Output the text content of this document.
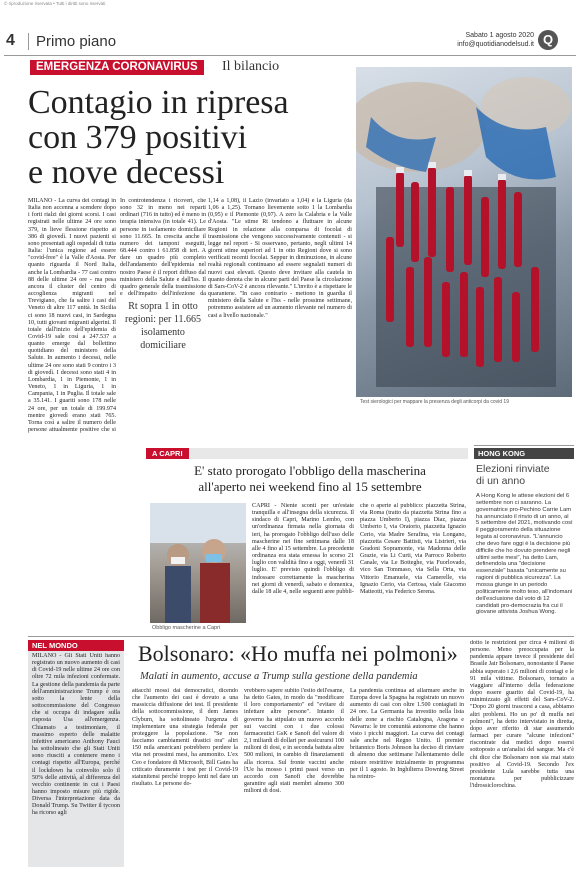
© riproduzione riservata • Tutti i diritti sono riservati
4 Primo piano	Sabato 1 agosto 2020
info@quotidianodelsud.it Q
EMERGENZA CORONAVIRUS	Il bilancio
Contagio in ripresa
con 379 positivi
e nove decessi
Test sierologici per mappare la presenza degli anticorpi da covid 19
MILANO - La curva dei contagi in Italia non accenna a scendere dopo i forti rialzi dei giorni scorsi. I casi registrati nelle ultime 24 ore sono 379, in lieve flessione rispetto ai 386 di giovedì. I nuovi pazienti si sono presentati agli ospedali di tutta Italia: l'unica regione ad essere "covid-free" è la Valle d'Aosta. Per quanto riguarda il Nord Italia, anche la Lombardia - 77 casi contro 88 delle ultime 24 ore - ma pesa ancora il cluster del centro di accoglienza migranti nel Trevigiano, che fa salire i casi del Veneto di altre 117 unità. In Sicilia ci sono 18 nuovi casi, in Sardegna 10, tutti giovani migranti algerini. Il totale dall'inizio dell'epidemia di Covid-19 sale così a 247.537 a quanto emerge dal bollettino quotidiano del ministero della Salute. In aumento i decessi, nelle ultime 24 ore sono stati 9 contro i 3 di giovedì. I decessi sono stati 4 in Lombardia, 1 in Piemonte, 1 in Veneto, 1 in Liguria, 1 in Campania, 1 in Puglia. Il totale sale a 35.141. I guariti sono 178 nelle 24 ore, per un totale di 199.974 mentre giovedì erano stati 765. Torna così a salire il numero delle persone attualmente positive che si
Rt sopra 1 in otto regioni: per 11.665 isolamento domiciliare
1,14 a 1,08), il Lazio (invariato a 1,04) e la Liguria (da 1,06 a 1,25). Tornano lievemente sotto 1 la Lombardia (0,95) e il Piemonte (0,97). A zero la Calabria e la Valle d'Aosta. "Le stime Rt tendono a fluttuare in alcune Regioni in relazione alla comparsa di focolai di trasmissione che vengono successivamente contenuti - si legge nel report - Si osservano, pertanto, negli ultimi 14 giorni stime superiori ad 1 in otto Regioni dove si sono verificati recenti focolai. Seppur in diminuzione, in alcune realtà regionali continuano ad essere segnalati numeri di nuovi casi elevati. Questo deve invitare alla cautela in quanto denota che in alcune parti del Paese la circolazione di Sars-CoV-2 è ancora rilevante." L'invito è a rispettare le quarantene. "In caso contrario - mettono in guardia il ministero della Salute e l'Iss - nelle prossime settimane, potremmo assistere ad un aumento rilevante nel numero di casi a livello nazionale."
In controtendenza i ricoveri, che sono 32 in meno nei reparti ordinari (716 in tutto) ed è meno in terapia intensiva (in totale 41). Le persone in isolamento domiciliare sono 11.665. In crescita anche il numero dei tamponi eseguiti, 68.444 contro i 61.858 di ieri. A dare un quadro più completo dell'andamento dell'epidemia nel nostro Paese è il report diffuso dal ministero della Salute e dall'Iss. Il quadro generale della trasmissione e dell'impatto dell'infezione da
HONG KONG
Elezioni rinviate
di un anno
A Hong Kong le attese elezioni del 6 settembre non ci saranno. La governatrice pro-Pechino Carrie Lam ha annunciato il rinvio di un anno, al 5 settembre del 2021, motivando così il peggioramento della situazione legata al coronavirus. "L'annuncio che devo fare oggi è la decisione più difficile che ho dovuto prendere negli ultimi sette mesi", ha detto Lam, definendola una "decisione essenziale" basata "unicamente su ragioni di pubblica sicurezza". La mossa giunge in un periodo politicamente molto teso, all'indomani dell'esclusione dal voto di 12 candidati pro-democrazia fra cui il giovane attivista Joshua Wong.
A CAPRI
E' stato prorogato l'obbligo della mascherina
all'aperto nei weekend fino al 15 settembre
Obbligo mascherine a Capri
CAPRI - Niente sconti per un'estate tranquilla e all'insegna della sicurezza. Il sindaco di Capri, Marino Lembo, con un'ordinanza firmata nella giornata di ieri, ha prorogato l'obbligo dell'uso delle mascherine nei fine settimana dalle 18 alle 4 fino al 15 settembre. La precedente ordinanza era stata emessa lo scorso 21 luglio con validità fino a oggi, venerdì 31 luglio. E' previsto quindi l'obbligo di indossare correttamente la mascherina nei giorni di venerdì, sabato e domenica, dalle 18 alle 4, nelle seguenti aree pubbli-
che o aperte al pubblico: piazzetta Strina, via Roma (tratto da piazzetta Strina fino a piazza Umberto I), piazza Diaz, piazza Umberto I, via Oratorio, piazzetta Ignazio Cerio, via Madre Serafina, via Longano, piazzetta Cesare Battisti, via Listrieri, via Gradoni Sopramonte, via Madonna delle Grazie, via Li Curti, via Parroco Roberto Canale, via Le Botteghe, via Fuorlovado, vico San Tommaso, via Sella Orta, via Vittorio Emanuele, via Camerelle, via Ignazio Cerio, via Certosa, viale Giacomo Matteotti, via Federico Serena.
NEL MONDO
MILANO - Gli Stati Uniti hanno registrato un nuovo aumento di casi di Covid-19 nelle ultime 24 ore con oltre 72 mila infezioni confermate. La gestione della pandemia da parte dell'amministrazione Trump è ora sotto la lente della sottocommissione del Congresso che si occupa di indagare sulla risposta Usa all'emergenza. Chiamato a testimoniare, il massimo esperto delle malattie infettive americano Anthony Fauci ha sottolineato che gli Stati Uniti sono riusciti a contenere meno i contagi rispetto all'Europa, perché il lockdown ha coinvolto solo il 50% delle attività, al differenza del vecchio continente in cui i Paesi hanno imposto misure più rigide. Diversa l'interpretazione data da Donald Trump. Su Twitter il tycoon ha ricorso agli
Bolsonaro: «Ho muffa nei polmoni»
Malati in aumento, accuse a Trump sulla gestione della pandemia
attacchi mossi dai democratici, dicendo che l'aumento dei casi è dovuto a una massiccia diffusione dei test. Il presidente della sottocommissione, il dem James Clyburn, ha sottolineato l'urgenza di implementare una strategia federale per proteggere la popolazione. "Se non facciamo cambiamenti drastici ora" altri 150 mila americani potrebbero perdere la vita nei prossimi mesi, ha ammonito. L'ex Ceo e fondatore di Microsoft, Bill Gates ha criticato duramente i test per il Covid-19 statunitensi perché troppo lenti nel dare un risultato. Le persone do-
vrebbero sapere subito l'esito dell'esame, ha detto Gates, in modo da "modificare il loro comportamento" ed "evitare di infettare altre persone". Intanto il governo ha stipulato un nuovo accordo sui vaccini con i due colossi farmaceutici GsK e Sanofi del valore di 2,1 miliardi di dollari per assicurarsi 100 milioni di dosi, e in seconda battuta altre 500 milioni, in cambio di finanziamenti alla ricerca. Sul fronte vaccini anche l'Ue ha mosso i primi passi verso un accordo con Sanofi che dovrebbe garantire agli stati membri almeno 300 milioni di dosi.
La pandemia continua ad allarmare anche in Europa dove la Spagna ha registrato un nuovo aumento di casi con oltre 1.500 contagiati in 24 ore. La Germania ha investito nella lista delle zone a rischio Catalogna, Aragona e Navarra: le tre comunità autonome che hanno visto i picchi maggiori. La curva dei contagi sale anche nel Regno Unito. Il premier britannico Boris Johnson ha deciso di rinviare di almeno due settimane l'allentamento delle misure restrittive inizialmente in programma per il 1 agosto. In Inghilterra Downing Street ha reintro-
dotto le restrizioni per circa 4 milioni di persone. Meno preoccupata per la pandemia appare invece il presidente del Brasile Jair Bolsonaro, nonostante il Paese abbia superato i 2,6 milioni di contagi e le 91 mila vittime. Bolsonaro, tornato a viaggiare all'interno della federazione dopo essere guarito dal Covid-19, ha minimizzato gli effetti del Sars-CoV-2. "Dopo 20 giorni trascorsi a casa, abbiamo altri problemi. Ho un po' di muffa nei polmoni", ha detto intervistato in diretta, dopo aver riferito di star assumendo farmaci per curare "alcune infezioni" riscontrate dai medici dopo essersi sottoposto a un'analisi del sangue. Ma c'è chi dice che Bolsonaro non sia mai stato positivo al Covid-19. Secondo l'ex presidente Lula sarebbe tutta una montatura per pubblicizzare l'idrossiclorochina.
